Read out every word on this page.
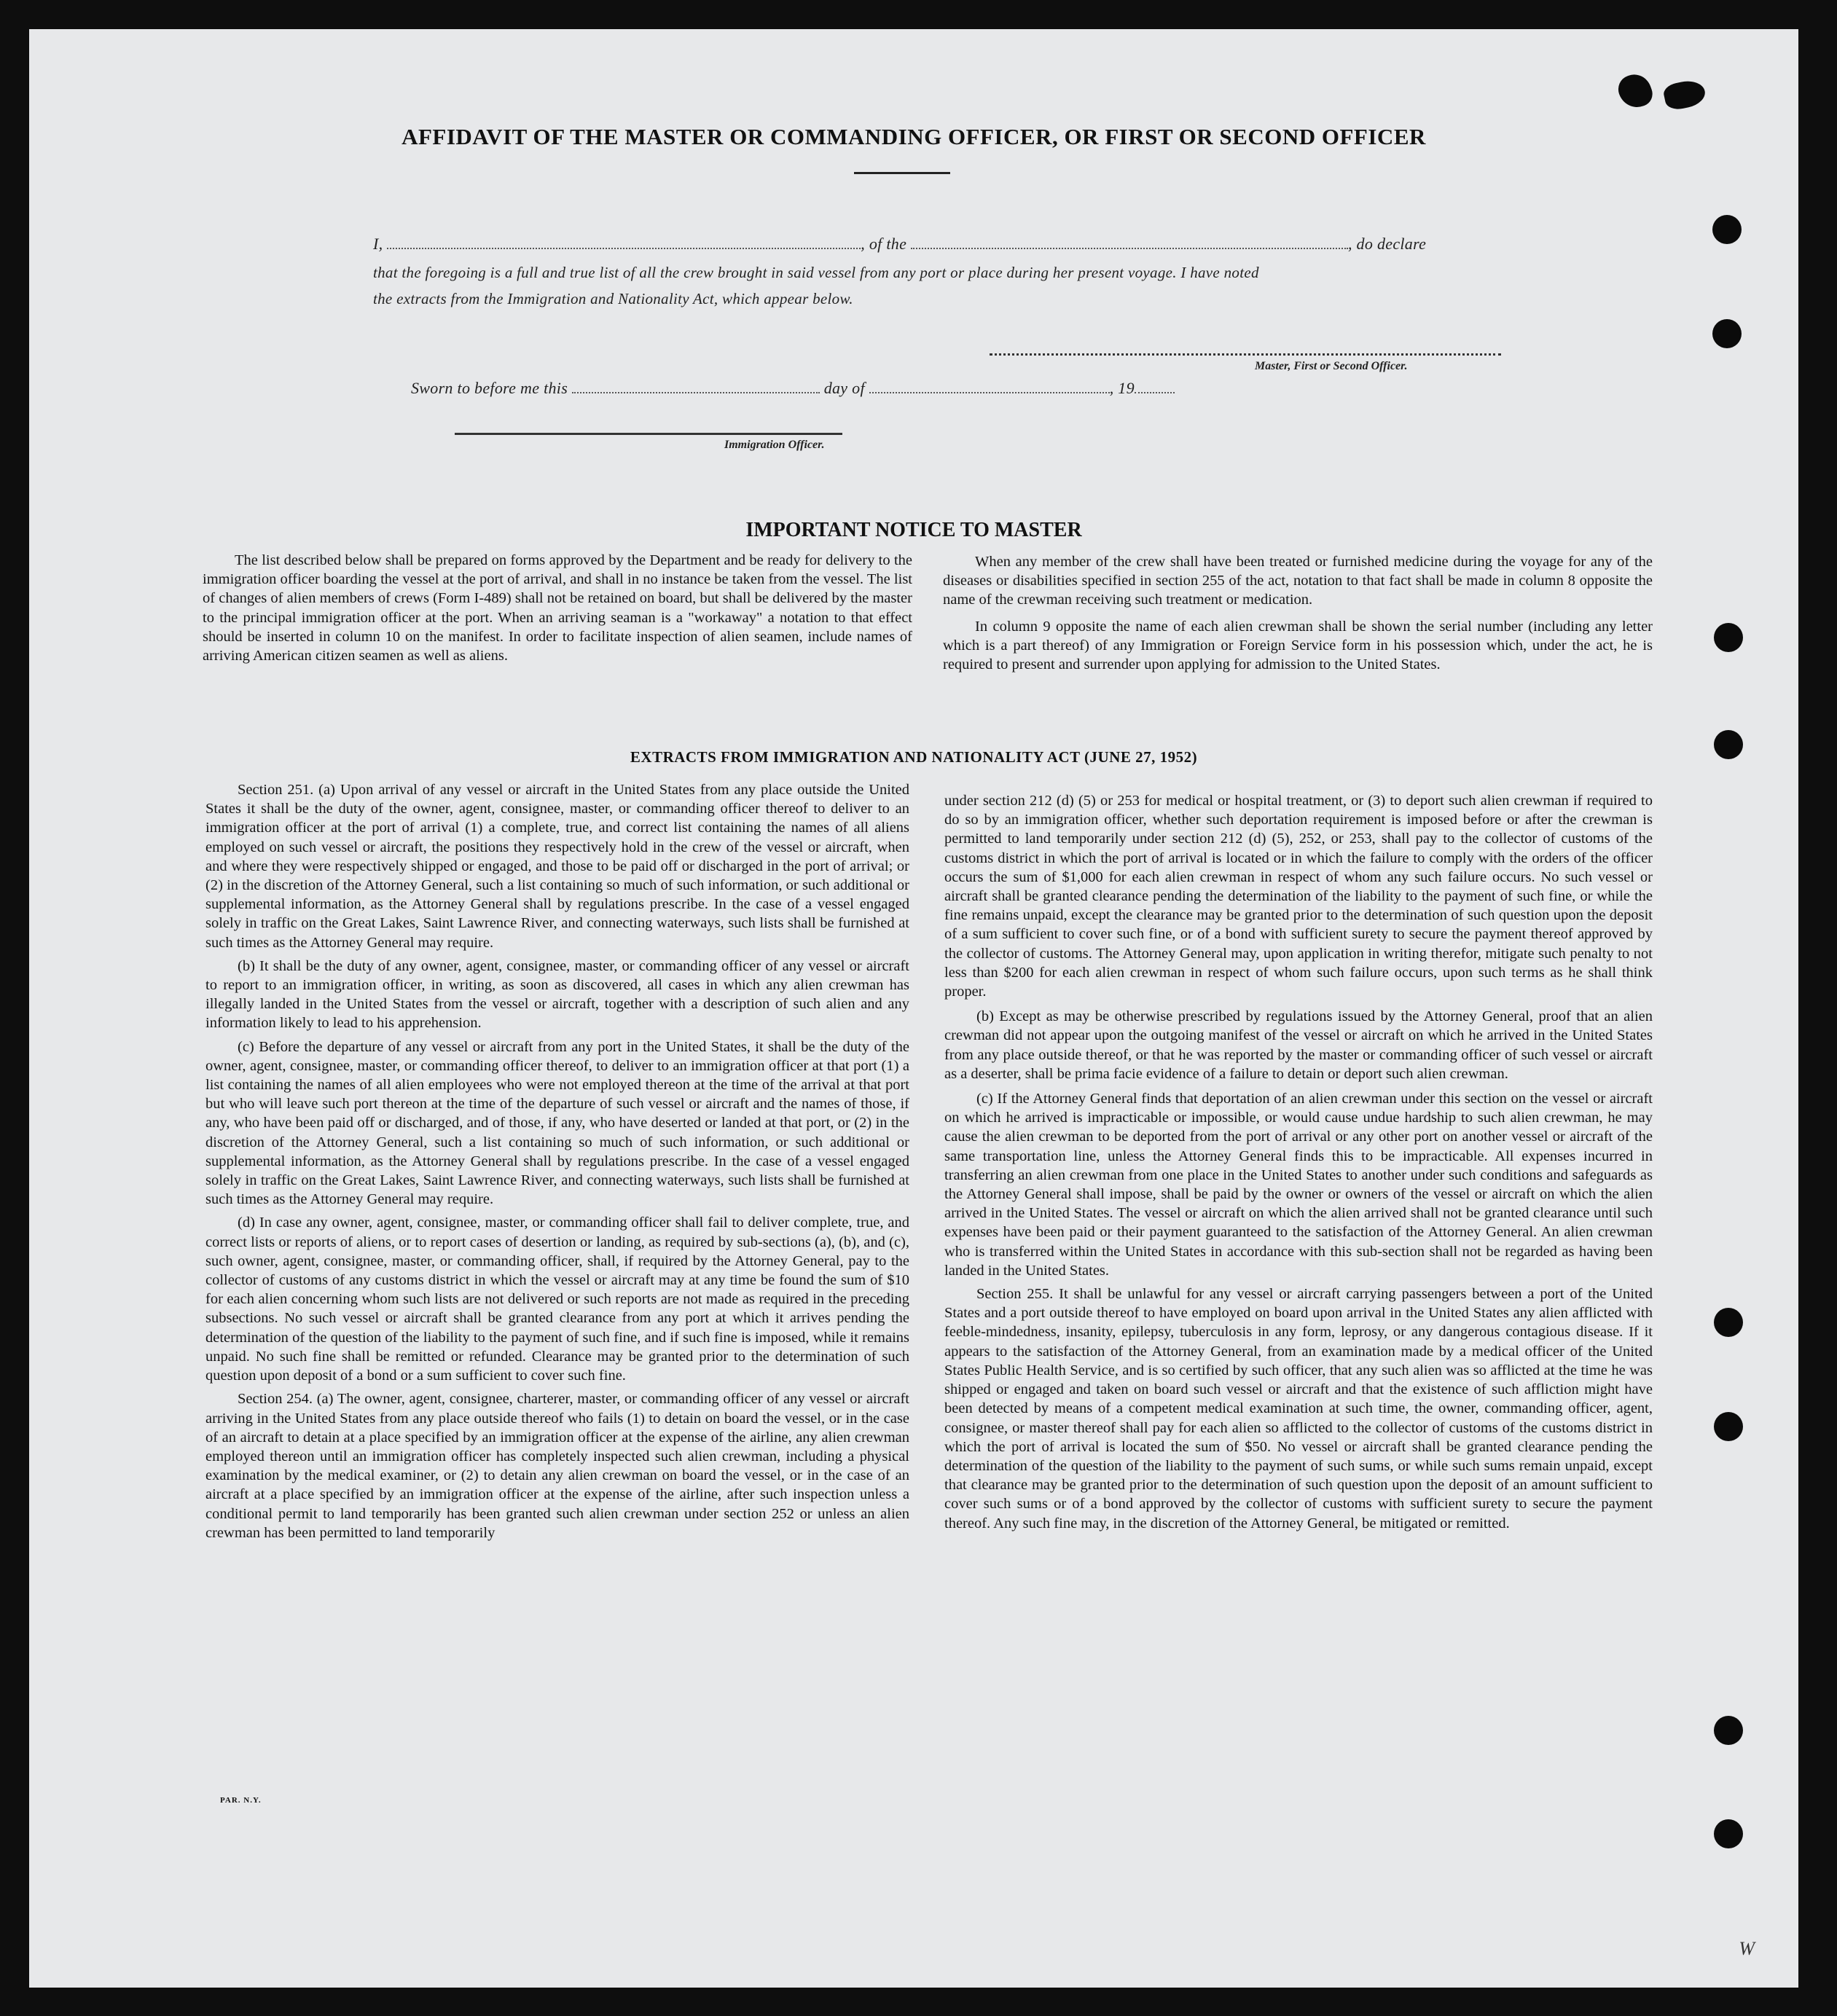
AFFIDAVIT OF THE MASTER OR COMMANDING OFFICER, OR FIRST OR SECOND OFFICER
I,	, of the	, do declare
that the foregoing is a full and true list of all the crew brought in said vessel from any port or place during her present voyage. I have noted
the extracts from the Immigration and Nationality Act, which appear below.
Master, First or Second Officer.
Sworn to before me this	day of	, 19
Immigration Officer.
IMPORTANT NOTICE TO MASTER

The list described below shall be prepared on forms approved by the Department and be ready for delivery to the immigration officer boarding the vessel at the port of arrival, and shall in no instance be taken from the vessel. The list of changes of alien members of crews (Form I-489) shall not be retained on board, but shall be delivered by the master to the principal immigration officer at the port. When an arriving seaman is a "workaway" a notation to that effect should be inserted in column 10 on the manifest. In order to facilitate inspection of alien seamen, include names of arriving American citizen seamen as well as aliens.

When any member of the crew shall have been treated or furnished medicine during the voyage for any of the diseases or disabilities specified in section 255 of the act, notation to that fact shall be made in column 8 opposite the name of the crewman receiving such treatment or medication.

In column 9 opposite the name of each alien crewman shall be shown the serial number (including any letter which is a part thereof) of any Immigration or Foreign Service form in his possession which, under the act, he is required to present and surrender upon applying for admission to the United States.

EXTRACTS FROM IMMIGRATION AND NATIONALITY ACT (JUNE 27, 1952)

Section 251. (a) Upon arrival of any vessel or aircraft in the United States from any place outside the United States it shall be the duty of the owner, agent, consignee, master, or commanding officer thereof to deliver to an immigration officer at the port of arrival (1) a complete, true, and correct list containing the names of all aliens employed on such vessel or aircraft, the positions they respectively hold in the crew of the vessel or aircraft, when and where they were respectively shipped or engaged, and those to be paid off or discharged in the port of arrival; or (2) in the discretion of the Attorney General, such a list containing so much of such information, or such additional or supplemental information, as the Attorney General shall by regulations prescribe. In the case of a vessel engaged solely in traffic on the Great Lakes, Saint Lawrence River, and connecting waterways, such lists shall be furnished at such times as the Attorney General may require.

(b) It shall be the duty of any owner, agent, consignee, master, or commanding officer of any vessel or aircraft to report to an immigration officer, in writing, as soon as discovered, all cases in which any alien crewman has illegally landed in the United States from the vessel or aircraft, together with a description of such alien and any information likely to lead to his apprehension.

(c) Before the departure of any vessel or aircraft from any port in the United States, it shall be the duty of the owner, agent, consignee, master, or commanding officer thereof, to deliver to an immigration officer at that port (1) a list containing the names of all alien employees who were not employed thereon at the time of the arrival at that port but who will leave such port thereon at the time of the departure of such vessel or aircraft and the names of those, if any, who have been paid off or discharged, and of those, if any, who have deserted or landed at that port, or (2) in the discretion of the Attorney General, such a list containing so much of such information, or such additional or supplemental information, as the Attorney General shall by regulations prescribe. In the case of a vessel engaged solely in traffic on the Great Lakes, Saint Lawrence River, and connecting waterways, such lists shall be furnished at such times as the Attorney General may require.

(d) In case any owner, agent, consignee, master, or commanding officer shall fail to deliver complete, true, and correct lists or reports of aliens, or to report cases of desertion or landing, as required by sub-sections (a), (b), and (c), such owner, agent, consignee, master, or commanding officer, shall, if required by the Attorney General, pay to the collector of customs of any customs district in which the vessel or aircraft may at any time be found the sum of $10 for each alien concerning whom such lists are not delivered or such reports are not made as required in the preceding subsections. No such vessel or aircraft shall be granted clearance from any port at which it arrives pending the determination of the question of the liability to the payment of such fine, and if such fine is imposed, while it remains unpaid. No such fine shall be remitted or refunded. Clearance may be granted prior to the determination of such question upon deposit of a bond or a sum sufficient to cover such fine.

Section 254. (a) The owner, agent, consignee, charterer, master, or commanding officer of any vessel or aircraft arriving in the United States from any place outside thereof who fails (1) to detain on board the vessel, or in the case of an aircraft to detain at a place specified by an immigration officer at the expense of the airline, any alien crewman employed thereon until an immigration officer has completely inspected such alien crewman, including a physical examination by the medical examiner, or (2) to detain any alien crewman on board the vessel, or in the case of an aircraft at a place specified by an immigration officer at the expense of the airline, after such inspection unless a conditional permit to land temporarily has been granted such alien crewman under section 252 or unless an alien crewman has been permitted to land temporarily

under section 212 (d) (5) or 253 for medical or hospital treatment, or (3) to deport such alien crewman if required to do so by an immigration officer, whether such deportation requirement is imposed before or after the crewman is permitted to land temporarily under section 212 (d) (5), 252, or 253, shall pay to the collector of customs of the customs district in which the port of arrival is located or in which the failure to comply with the orders of the officer occurs the sum of $1,000 for each alien crewman in respect of whom any such failure occurs. No such vessel or aircraft shall be granted clearance pending the determination of the liability to the payment of such fine, or while the fine remains unpaid, except the clearance may be granted prior to the determination of such question upon the deposit of a sum sufficient to cover such fine, or of a bond with sufficient surety to secure the payment thereof approved by the collector of customs. The Attorney General may, upon application in writing therefor, mitigate such penalty to not less than $200 for each alien crewman in respect of whom such failure occurs, upon such terms as he shall think proper.

(b) Except as may be otherwise prescribed by regulations issued by the Attorney General, proof that an alien crewman did not appear upon the outgoing manifest of the vessel or aircraft on which he arrived in the United States from any place outside thereof, or that he was reported by the master or commanding officer of such vessel or aircraft as a deserter, shall be prima facie evidence of a failure to detain or deport such alien crewman.

(c) If the Attorney General finds that deportation of an alien crewman under this section on the vessel or aircraft on which he arrived is impracticable or impossible, or would cause undue hardship to such alien crewman, he may cause the alien crewman to be deported from the port of arrival or any other port on another vessel or aircraft of the same transportation line, unless the Attorney General finds this to be impracticable. All expenses incurred in transferring an alien crewman from one place in the United States to another under such conditions and safeguards as the Attorney General shall impose, shall be paid by the owner or owners of the vessel or aircraft on which the alien arrived in the United States. The vessel or aircraft on which the alien arrived shall not be granted clearance until such expenses have been paid or their payment guaranteed to the satisfaction of the Attorney General. An alien crewman who is transferred within the United States in accordance with this sub-section shall not be regarded as having been landed in the United States.

Section 255. It shall be unlawful for any vessel or aircraft carrying passengers between a port of the United States and a port outside thereof to have employed on board upon arrival in the United States any alien afflicted with feeble-mindedness, insanity, epilepsy, tuberculosis in any form, leprosy, or any dangerous contagious disease. If it appears to the satisfaction of the Attorney General, from an examination made by a medical officer of the United States Public Health Service, and is so certified by such officer, that any such alien was so afflicted at the time he was shipped or engaged and taken on board such vessel or aircraft and that the existence of such affliction might have been detected by means of a competent medical examination at such time, the owner, commanding officer, agent, consignee, or master thereof shall pay for each alien so afflicted to the collector of customs of the customs district in which the port of arrival is located the sum of $50. No vessel or aircraft shall be granted clearance pending the determination of the question of the liability to the payment of such sums, or while such sums remain unpaid, except that clearance may be granted prior to the determination of such question upon the deposit of an amount sufficient to cover such sums or of a bond approved by the collector of customs with sufficient surety to secure the payment thereof. Any such fine may, in the discretion of the Attorney General, be mitigated or remitted.

PAR. N.Y.
W
